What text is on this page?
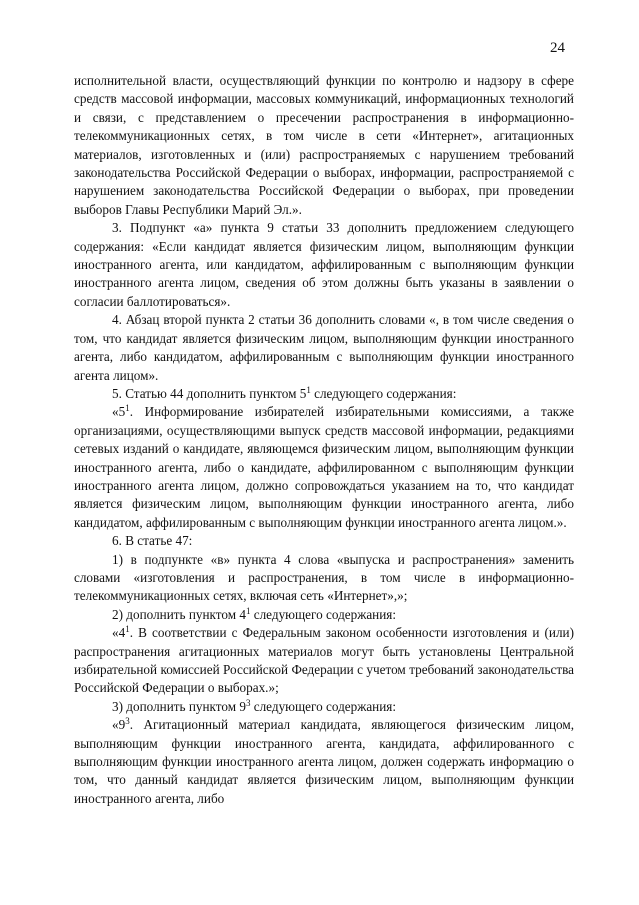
24

исполнительной власти, осуществляющий функции по контролю и надзору в сфере средств массовой информации, массовых коммуникаций, информационных технологий и связи, с представлением о пресечении распространения в информационно-телекоммуникационных сетях, в том числе в сети «Интернет», агитационных материалов, изготовленных и (или) распространяемых с нарушением требований законодательства Российской Федерации о выборах, информации, распространяемой с нарушением законодательства Российской Федерации о выборах, при проведении выборов Главы Республики Марий Эл.».

3. Подпункт «а» пункта 9 статьи 33 дополнить предложением следующего содержания: «Если кандидат является физическим лицом, выполняющим функции иностранного агента, или кандидатом, аффилированным с выполняющим функции иностранного агента лицом, сведения об этом должны быть указаны в заявлении о согласии баллотироваться».

4. Абзац второй пункта 2 статьи 36 дополнить словами «, в том числе сведения о том, что кандидат является физическим лицом, выполняющим функции иностранного агента, либо кандидатом, аффилированным с выполняющим функции иностранного агента лицом».

5. Статью 44 дополнить пунктом $5^1$ следующего содержания:

«$5^1$. Информирование избирателей избирательными комиссиями, а также организациями, осуществляющими выпуск средств массовой информации, редакциями сетевых изданий о кандидате, являющемся физическим лицом, выполняющим функции иностранного агента, либо о кандидате, аффилированном с выполняющим функции иностранного агента лицом, должно сопровождаться указанием на то, что кандидат является физическим лицом, выполняющим функции иностранного агента, либо кандидатом, аффилированным с выполняющим функции иностранного агента лицом.».

6. В статье 47:

1) в подпункте «в» пункта 4 слова «выпуска и распространения» заменить словами «изготовления и распространения, в том числе в информационно-телекоммуникационных сетях, включая сеть «Интернет»,»;

2) дополнить пунктом $4^1$ следующего содержания:

«$4^1$. В соответствии с Федеральным законом особенности изготовления и (или) распространения агитационных материалов могут быть установлены Центральной избирательной комиссией Российской Федерации с учетом требований законодательства Российской Федерации о выборах.»;

3) дополнить пунктом $9^3$ следующего содержания:

«$9^3$. Агитационный материал кандидата, являющегося физическим лицом, выполняющим функции иностранного агента, кандидата, аффилированного с выполняющим функции иностранного агента лицом, должен содержать информацию о том, что данный кандидат является физическим лицом, выполняющим функции иностранного агента, либо
